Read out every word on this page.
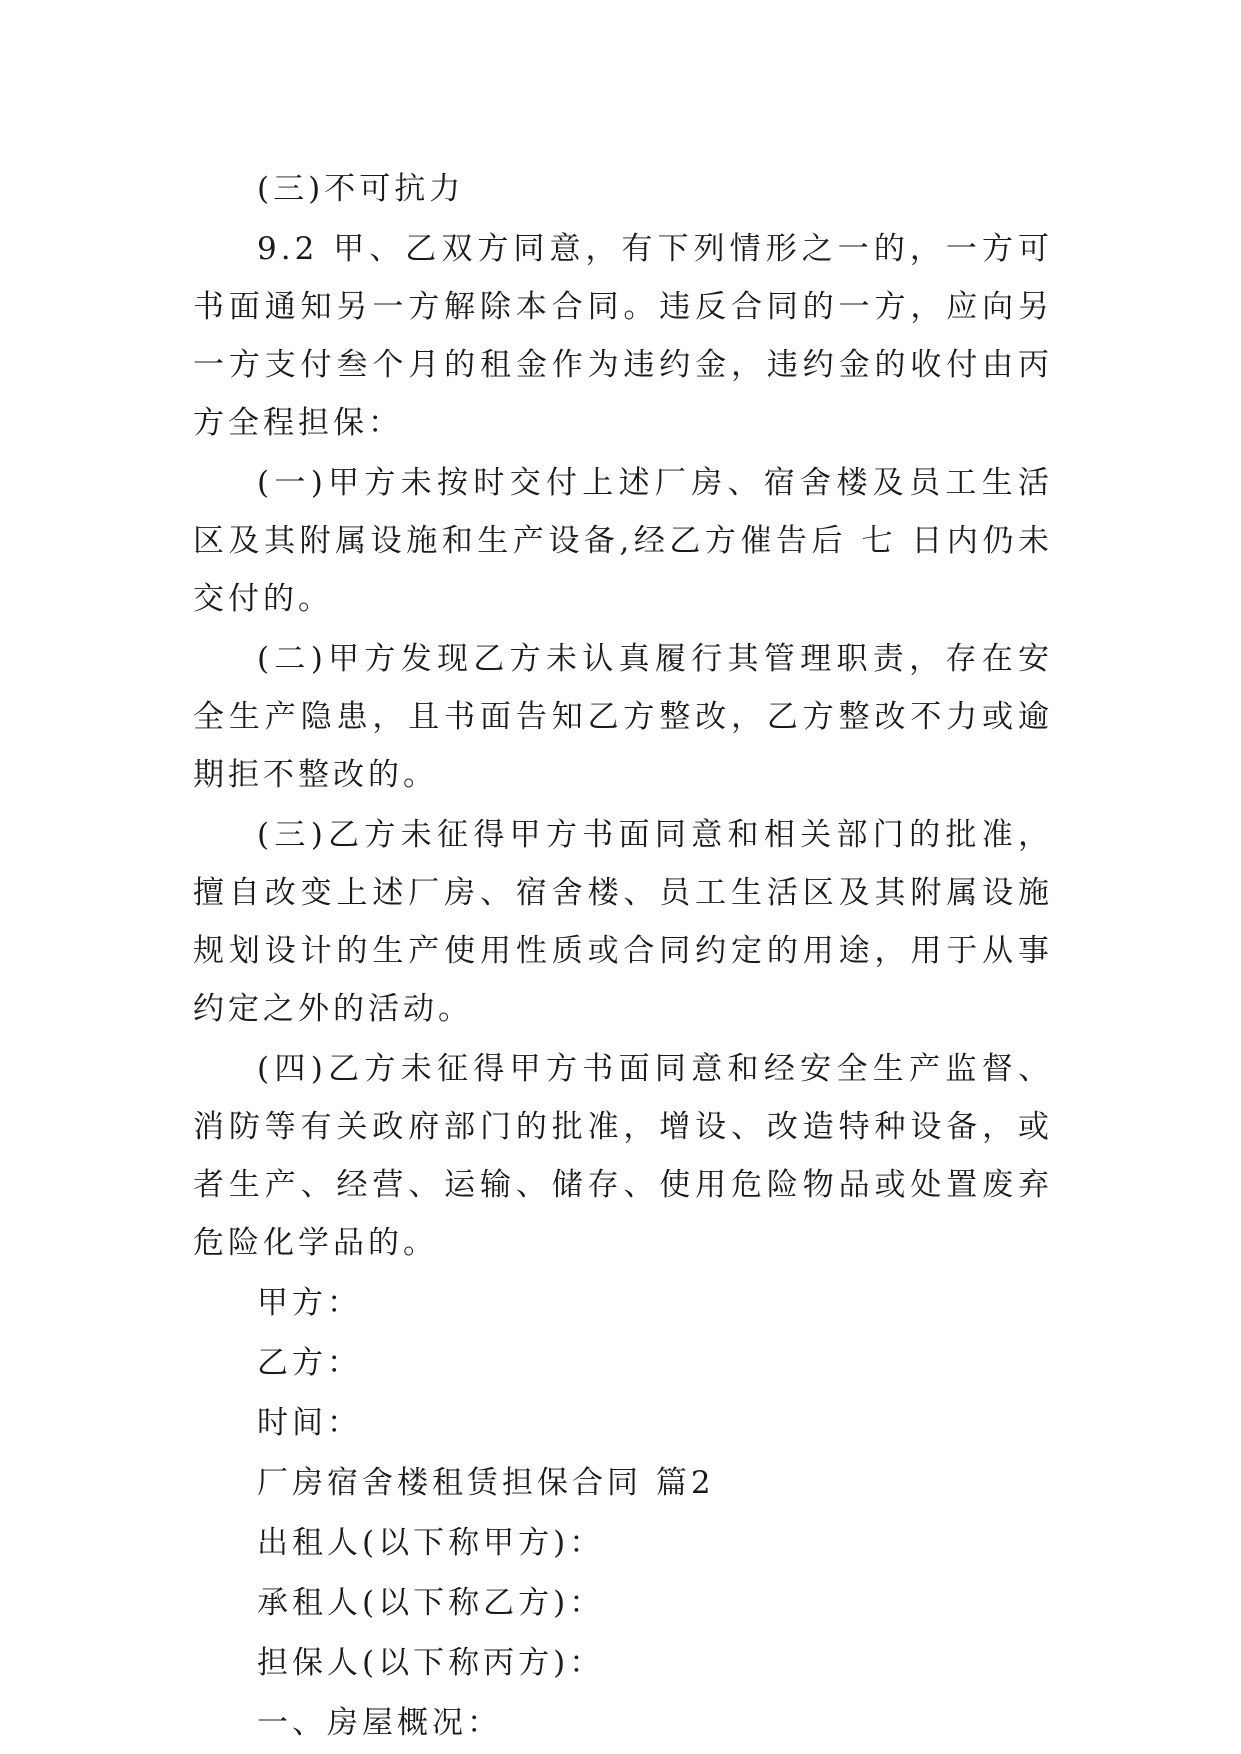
(三)不可抗力

9.2 甲、乙双方同意，有下列情形之一的，一方可书面通知另一方解除本合同。违反合同的一方，应向另一方支付叁个月的租金作为违约金，违约金的收付由丙方全程担保：

(一)甲方未按时交付上述厂房、宿舍楼及员工生活区及其附属设施和生产设备,经乙方催告后 七 日内仍未交付的。

(二)甲方发现乙方未认真履行其管理职责，存在安全生产隐患，且书面告知乙方整改，乙方整改不力或逾期拒不整改的。

(三)乙方未征得甲方书面同意和相关部门的批准，擅自改变上述厂房、宿舍楼、员工生活区及其附属设施规划设计的生产使用性质或合同约定的用途，用于从事约定之外的活动。

(四)乙方未征得甲方书面同意和经安全生产监督、消防等有关政府部门的批准，增设、改造特种设备，或者生产、经营、运输、储存、使用危险物品或处置废弃危险化学品的。

甲方：

乙方：

时间：

厂房宿舍楼租赁担保合同 篇2

出租人(以下称甲方)：

承租人(以下称乙方)：

担保人(以下称丙方)：

一、房屋概况：
